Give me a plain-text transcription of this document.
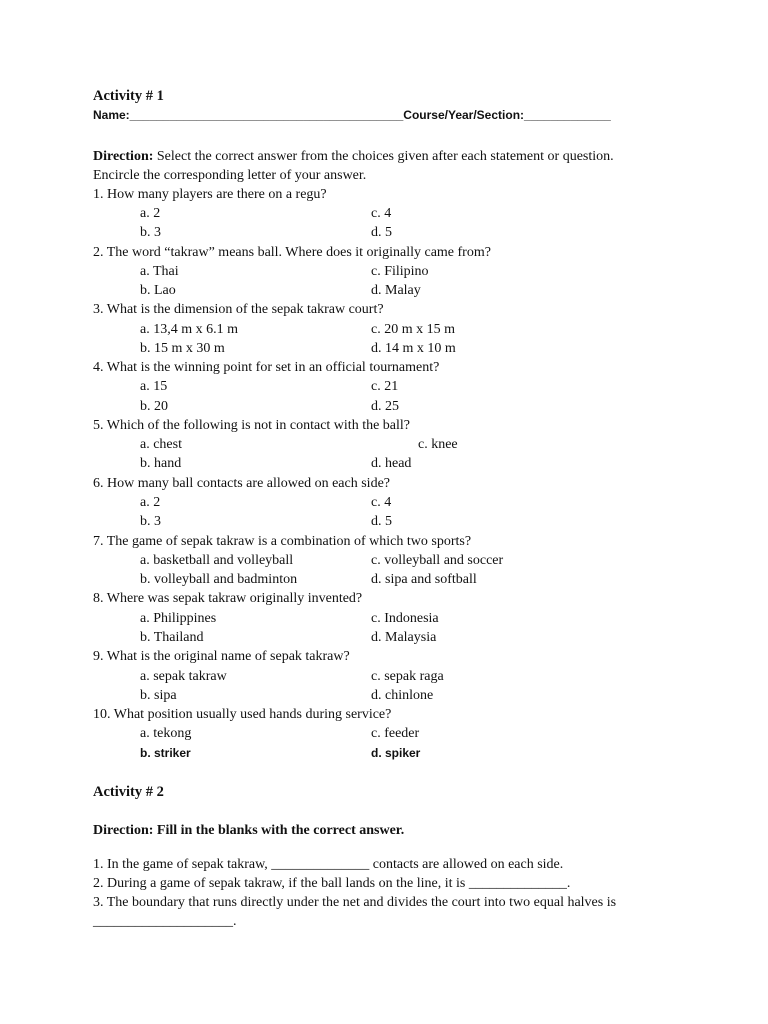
Activity # 1
Name:_________________________________________Course/Year/Section:_____________
Direction: Select the correct answer from the choices given after each statement or question.
Encircle the corresponding letter of your answer.
1. How many players are there on a regu?
a. 2	c. 4
b. 3	d. 5
2. The word “takraw” means ball. Where does it originally came from?
a. Thai	c. Filipino
b. Lao	d. Malay
3. What is the dimension of the sepak takraw court?
a. 13,4 m x 6.1 m	c. 20 m x 15 m
b. 15 m x 30 m	d. 14 m x 10 m
4. What is the winning point for set in an official tournament?
a. 15	c. 21
b. 20	d. 25
5. Which of the following is not in contact with the ball?
a. chest	c. knee
b. hand	d. head
6. How many ball contacts are allowed on each side?
a. 2	c. 4
b. 3	d. 5
7. The game of sepak takraw is a combination of which two sports?
a. basketball and volleyball	c. volleyball and soccer
b. volleyball and badminton	d. sipa and softball
8. Where was sepak takraw originally invented?
a. Philippines	c. Indonesia
b. Thailand	d. Malaysia
9. What is the original name of sepak takraw?
a. sepak takraw	c. sepak raga
b. sipa	d. chinlone
10. What position usually used hands during service?
a. tekong	c. feeder
b. striker	d. spiker
Activity # 2
Direction: Fill in the blanks with the correct answer.
1. In the game of sepak takraw, ______________ contacts are allowed on each side.
2. During a game of sepak takraw, if the ball lands on the line, it is ______________.
3. The boundary that runs directly under the net and divides the court into two equal halves is
____________________.
